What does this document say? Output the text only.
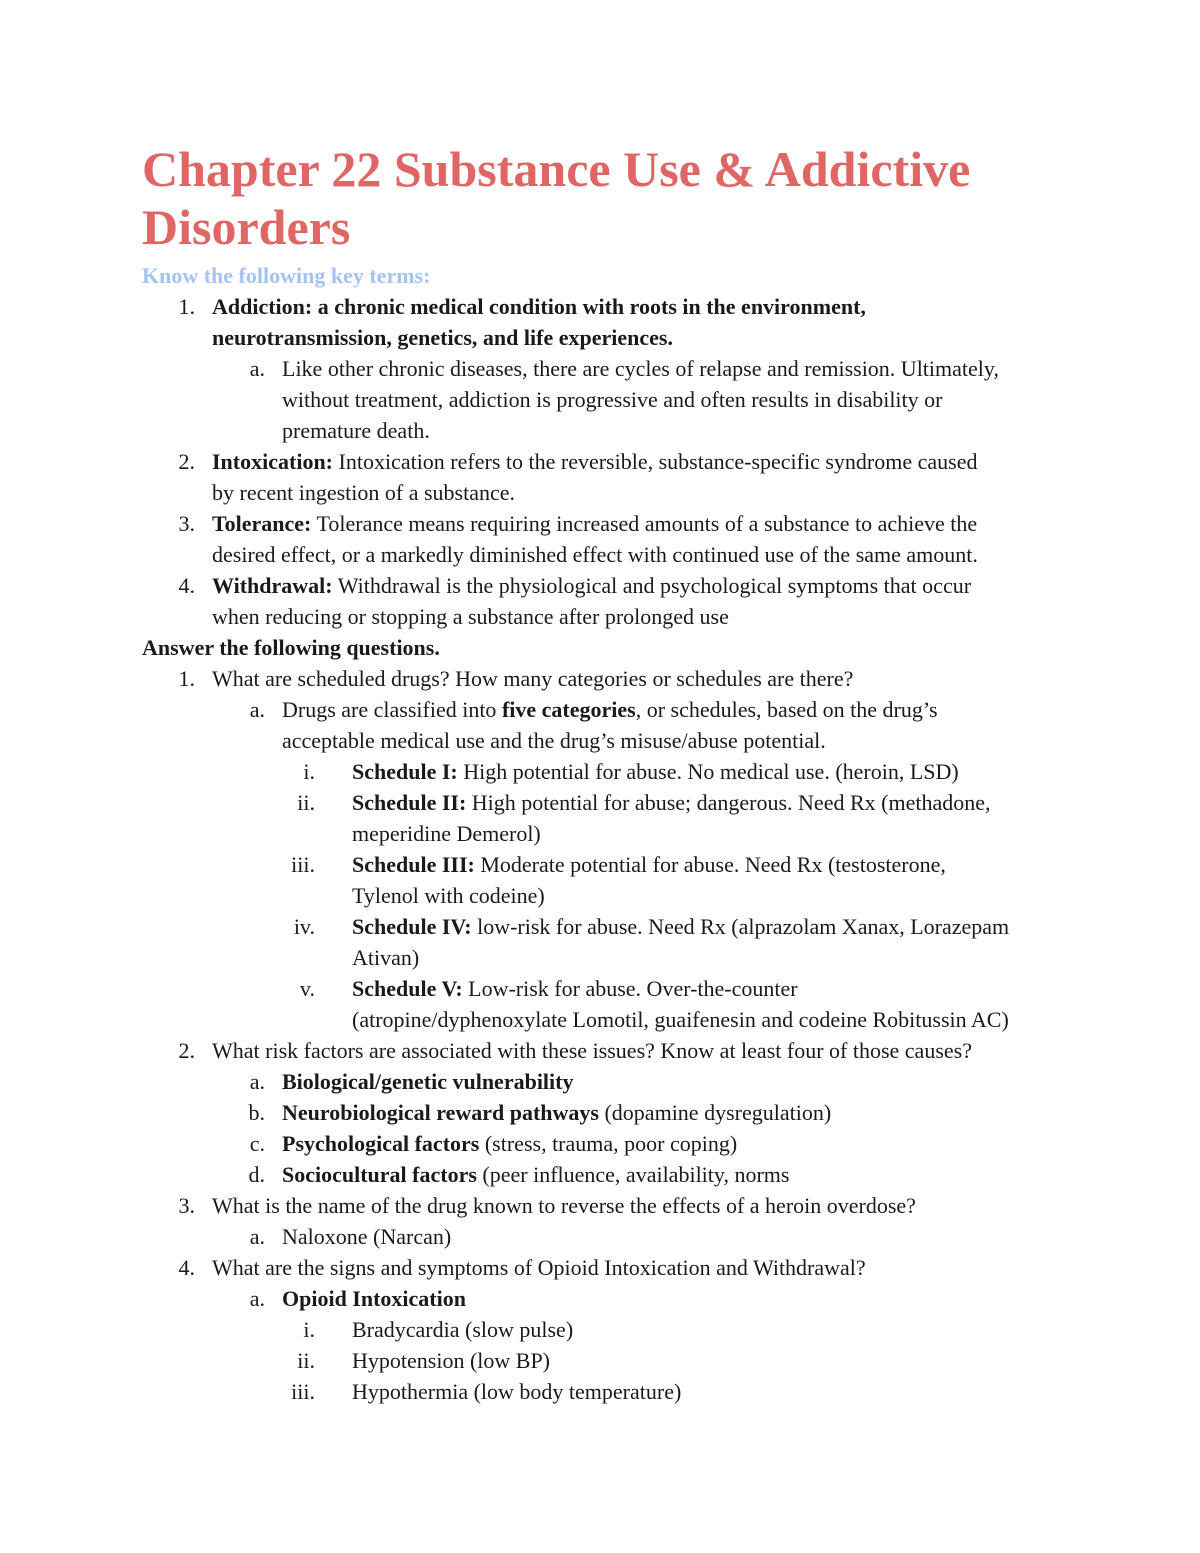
Chapter 22 Substance Use & Addictive Disorders
Know the following key terms:
1. Addiction: a chronic medical condition with roots in the environment,
neurotransmission, genetics, and life experiences.
a. Like other chronic diseases, there are cycles of relapse and remission. Ultimately,
without treatment, addiction is progressive and often results in disability or
premature death.
2. Intoxication: Intoxication refers to the reversible, substance-specific syndrome caused
by recent ingestion of a substance.
3. Tolerance: Tolerance means requiring increased amounts of a substance to achieve the
desired effect, or a markedly diminished effect with continued use of the same amount.
4. Withdrawal: Withdrawal is the physiological and psychological symptoms that occur
when reducing or stopping a substance after prolonged use
Answer the following questions.
1. What are scheduled drugs? How many categories or schedules are there?
a. Drugs are classified into five categories, or schedules, based on the drug’s
acceptable medical use and the drug’s misuse/abuse potential.
i. Schedule I: High potential for abuse. No medical use. (heroin, LSD)
ii. Schedule II: High potential for abuse; dangerous. Need Rx (methadone,
meperidine Demerol)
iii. Schedule III: Moderate potential for abuse. Need Rx (testosterone,
Tylenol with codeine)
iv. Schedule IV: low-risk for abuse. Need Rx (alprazolam Xanax, Lorazepam
Ativan)
v. Schedule V: Low-risk for abuse. Over-the-counter
(atropine/dyphenoxylate Lomotil, guaifenesin and codeine Robitussin AC)
2. What risk factors are associated with these issues? Know at least four of those causes?
a. Biological/genetic vulnerability
b. Neurobiological reward pathways (dopamine dysregulation)
c. Psychological factors (stress, trauma, poor coping)
d. Sociocultural factors (peer influence, availability, norms
3. What is the name of the drug known to reverse the effects of a heroin overdose?
a. Naloxone (Narcan)
4. What are the signs and symptoms of Opioid Intoxication and Withdrawal?
a. Opioid Intoxication
i. Bradycardia (slow pulse)
ii. Hypotension (low BP)
iii. Hypothermia (low body temperature)
